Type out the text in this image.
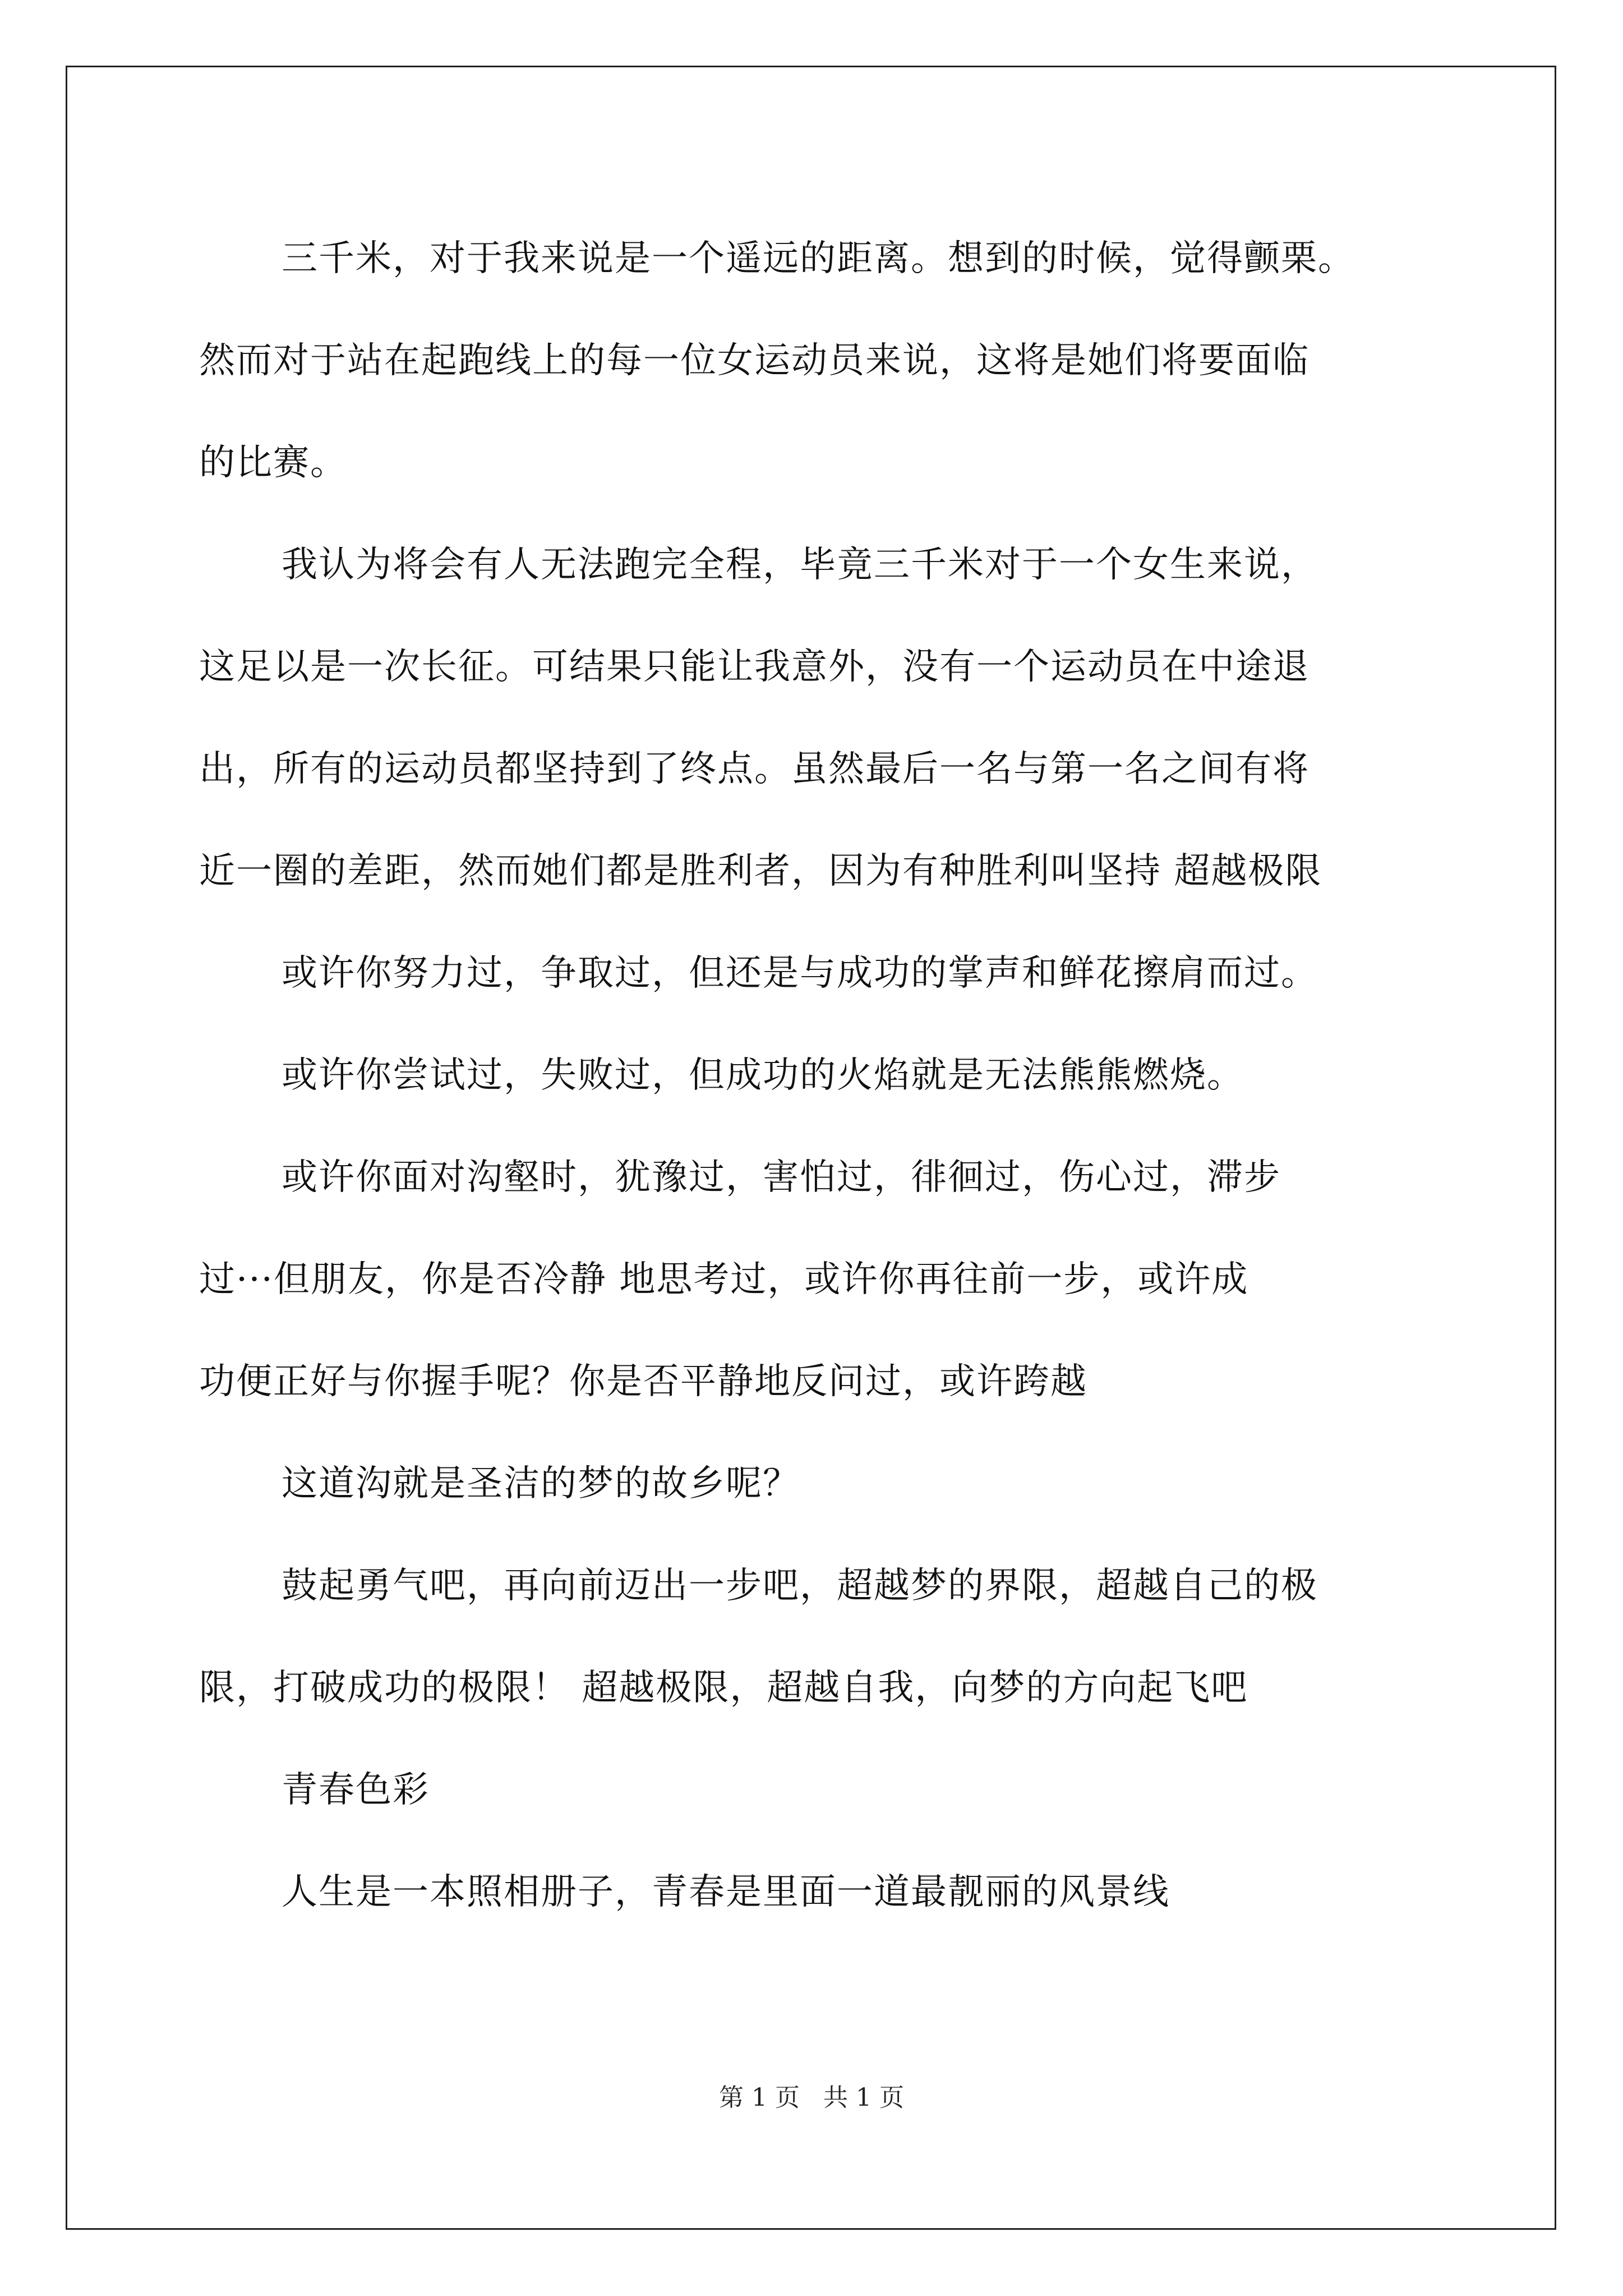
三千米，对于我来说是一个遥远的距离。想到的时候，觉得颤栗。
然而对于站在起跑线上的每一位女运动员来说，这将是她们将要面临
的比赛。
我认为将会有人无法跑完全程，毕竟三千米对于一个女生来说，
这足以是一次长征。可结果只能让我意外，没有一个运动员在中途退
出，所有的运动员都坚持到了终点。虽然最后一名与第一名之间有将
近一圈的差距，然而她们都是胜利者，因为有种胜利叫坚持 超越极限
或许你努力过，争取过，但还是与成功的掌声和鲜花擦肩而过。
或许你尝试过，失败过，但成功的火焰就是无法熊熊燃烧。
或许你面对沟壑时，犹豫过，害怕过，徘徊过，伤心过，滞步
过···但朋友，你是否冷静 地思考过，或许你再往前一步，或许成
功便正好与你握手呢？你是否平静地反问过，或许跨越
这道沟就是圣洁的梦的故乡呢？
鼓起勇气吧，再向前迈出一步吧，超越梦的界限，超越自己的极
限，打破成功的极限！ 超越极限，超越自我，向梦的方向起飞吧
青春色彩
人生是一本照相册子，青春是里面一道最靓丽的风景线
第 1 页   共 1 页
